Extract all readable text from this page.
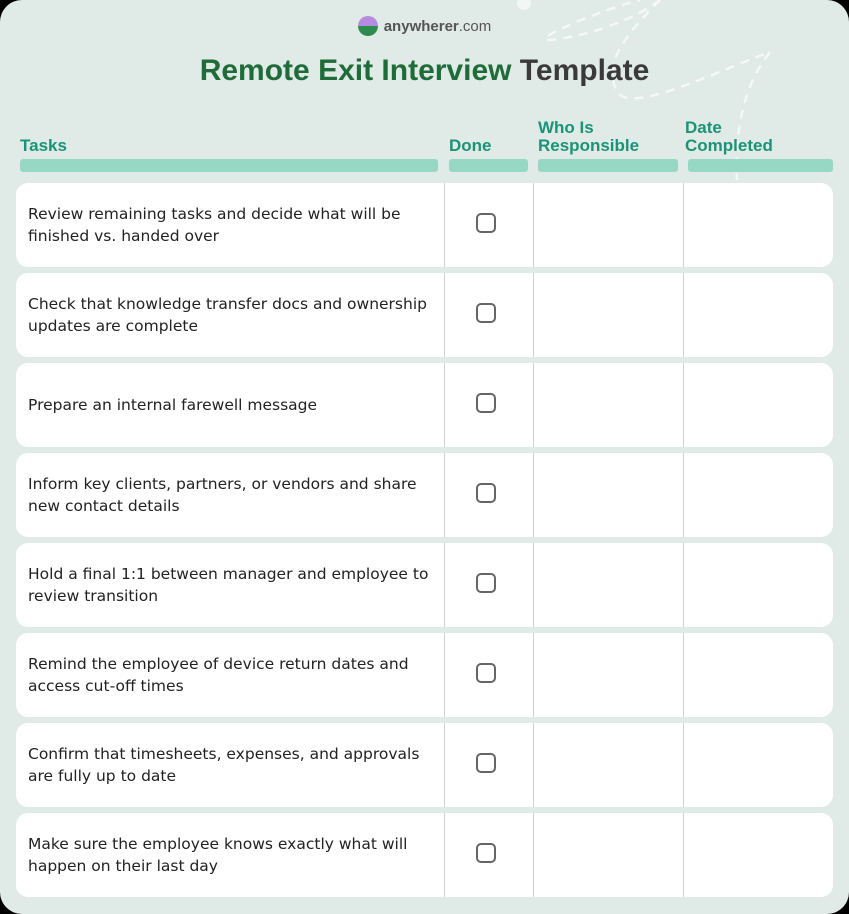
anywherer.com
Remote Exit Interview Template
Tasks	Done
Who Is
Responsible
Date
Completed
Review remaining tasks and decide what will be finished vs. handed over
Check that knowledge transfer docs and ownership updates are complete
Prepare an internal farewell message
Inform key clients, partners, or vendors and share new contact details
Hold a final 1:1 between manager and employee to review transition
Remind the employee of device return dates and access cut-off times
Confirm that timesheets, expenses, and approvals are fully up to date
Make sure the employee knows exactly what will happen on their last day
